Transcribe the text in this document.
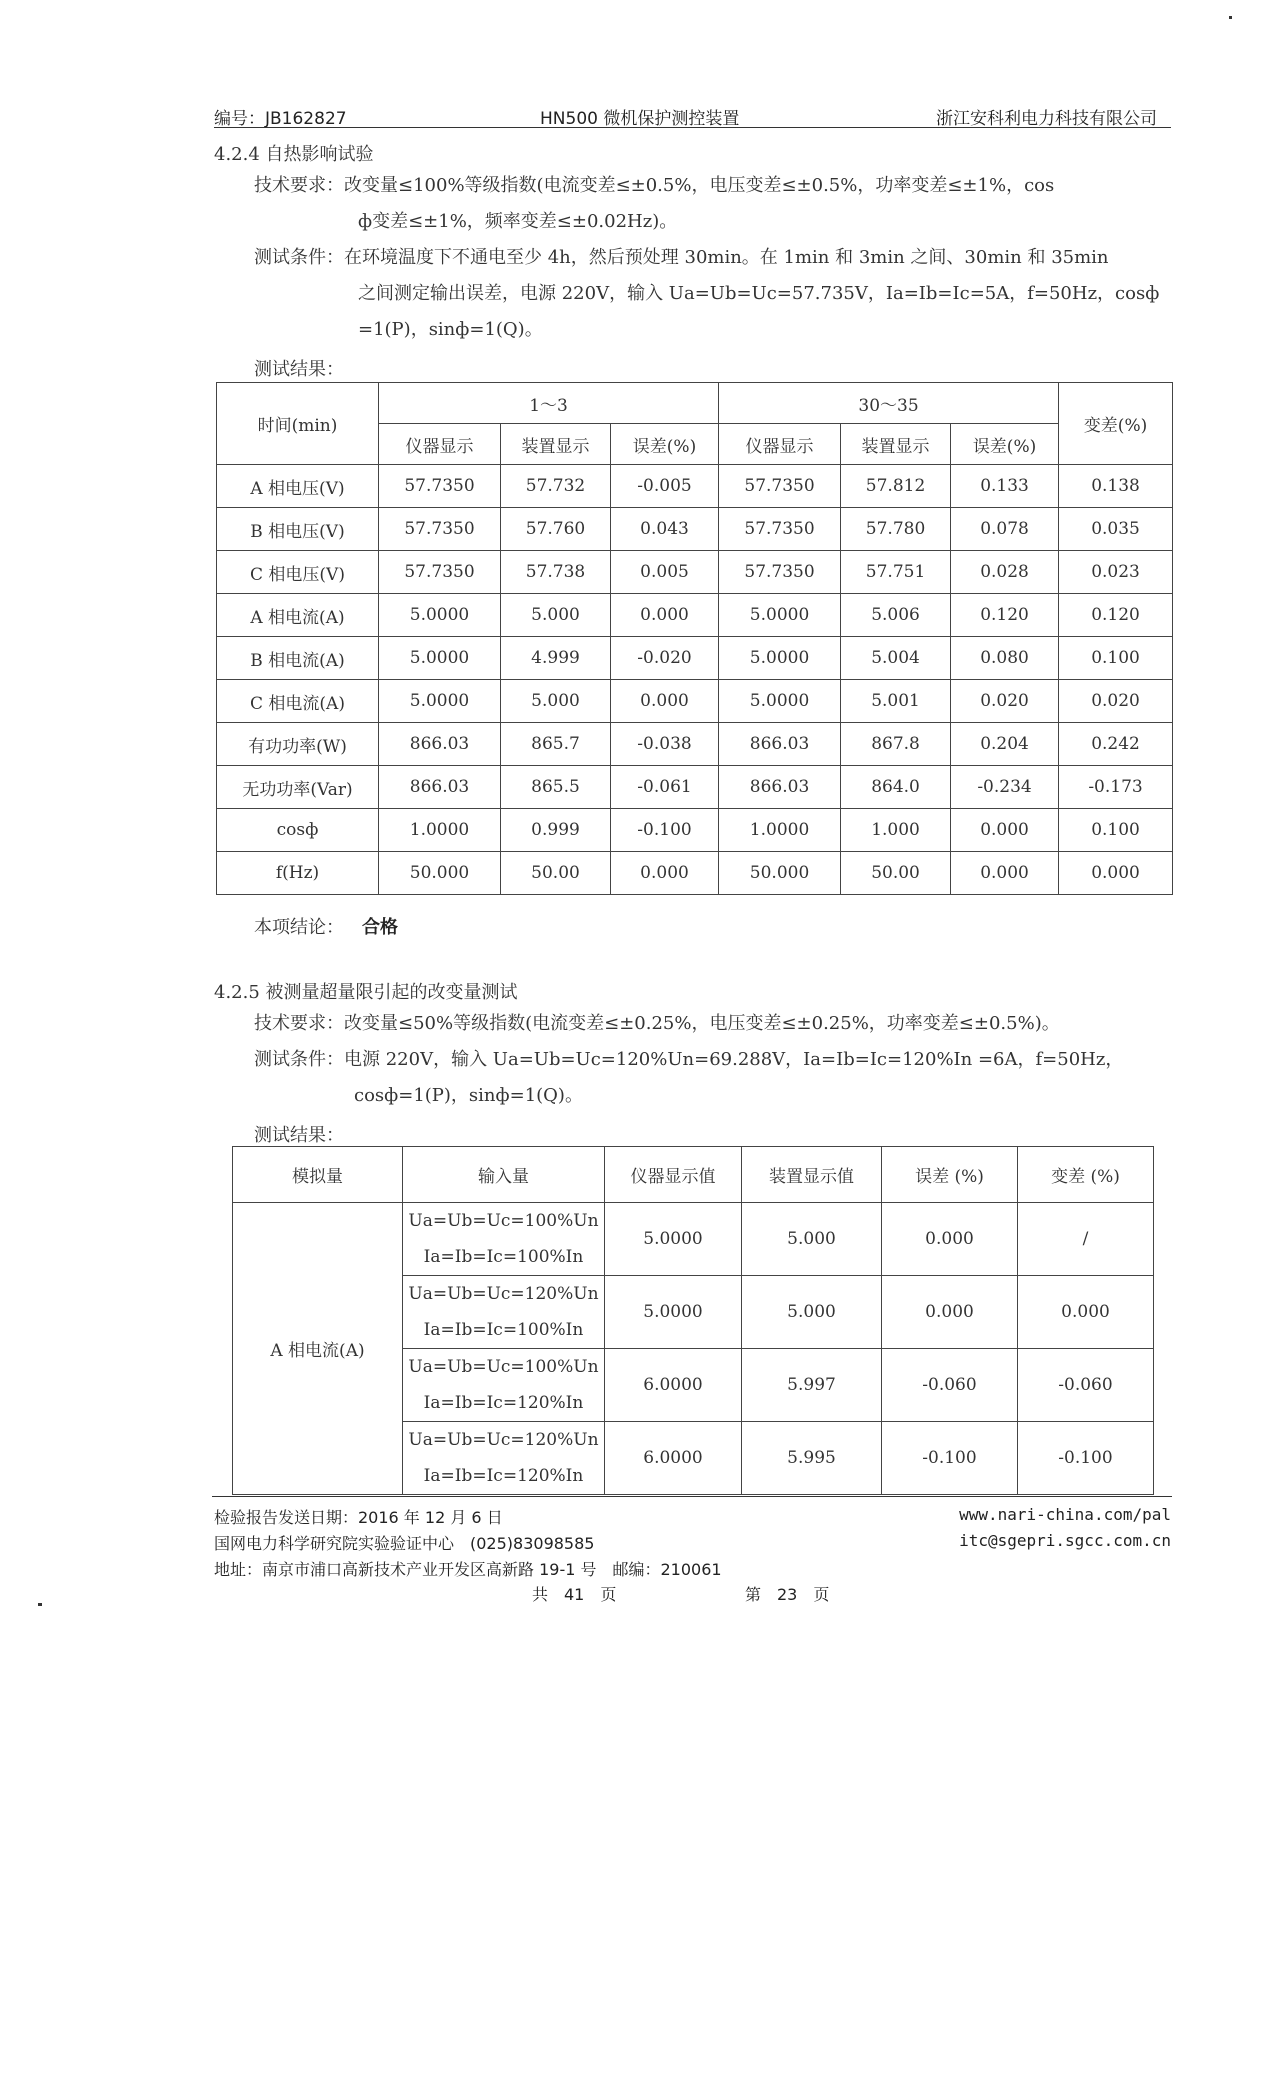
编号：JB162827	HN500 微机保护测控装置	浙江安科利电力科技有限公司
4.2.4 自热影响试验
技术要求：改变量≤100%等级指数(电流变差≤±0.5%，电压变差≤±0.5%，功率变差≤±1%，cos
ф变差≤±1%，频率变差≤±0.02Hz)。
测试条件：在环境温度下不通电至少 4h，然后预处理 30min。在 1min 和 3min 之间、30min 和 35min
之间测定输出误差，电源 220V，输入 Ua=Ub=Uc=57.735V，Ia=Ib=Ic=5A，f=50Hz，cosф
=1(P)，sinф=1(Q)。
测试结果：
时间(min)	1～3			30～35			变差(%)
	仪器显示	装置显示	误差(%)	仪器显示	装置显示	误差(%)	
A 相电压(V)	57.7350	57.732	-0.005	57.7350	57.812	0.133	0.138
B 相电压(V)	57.7350	57.760	0.043	57.7350	57.780	0.078	0.035
C 相电压(V)	57.7350	57.738	0.005	57.7350	57.751	0.028	0.023
A 相电流(A)	5.0000	5.000	0.000	5.0000	5.006	0.120	0.120
B 相电流(A)	5.0000	4.999	-0.020	5.0000	5.004	0.080	0.100
C 相电流(A)	5.0000	5.000	0.000	5.0000	5.001	0.020	0.020
有功功率(W)	866.03	865.7	-0.038	866.03	867.8	0.204	0.242
无功功率(Var)	866.03	865.5	-0.061	866.03	864.0	-0.234	-0.173
cosф	1.0000	0.999	-0.100	1.0000	1.000	0.000	0.100
f(Hz)	50.000	50.00	0.000	50.000	50.00	0.000	0.000
本项结论： 合格
4.2.5 被测量超量限引起的改变量测试
技术要求：改变量≤50%等级指数(电流变差≤±0.25%，电压变差≤±0.25%，功率变差≤±0.5%)。
测试条件：电源 220V，输入 Ua=Ub=Uc=120%Un=69.288V，Ia=Ib=Ic=120%In =6A，f=50Hz，
cosф=1(P)，sinф=1(Q)。
测试结果：
模拟量	输入量	仪器显示值	装置显示值	误差 (%)	变差 (%)
A 相电流(A)	Ua=Ub=Uc=100%Un
Ia=Ib=Ic=100%In	5.0000	5.000	0.000	/

	Ua=Ub=Uc=120%Un
Ia=Ib=Ic=100%In	5.0000	5.000	0.000	0.000

	Ua=Ub=Uc=100%Un
Ia=Ib=Ic=120%In	6.0000	5.997	-0.060	-0.060

	Ua=Ub=Uc=120%Un
Ia=Ib=Ic=120%In	6.0000	5.995	-0.100	-0.100
检验报告发送日期：2016 年 12 月 6 日
国网电力科学研究院实验验证中心　(025)83098585
地址：南京市浦口高新技术产业开发区高新路 19-1 号　邮编：210061
www.nari-china.com/pal
itc@sgepri.sgcc.com.cn
共　41　页	第　23　页
